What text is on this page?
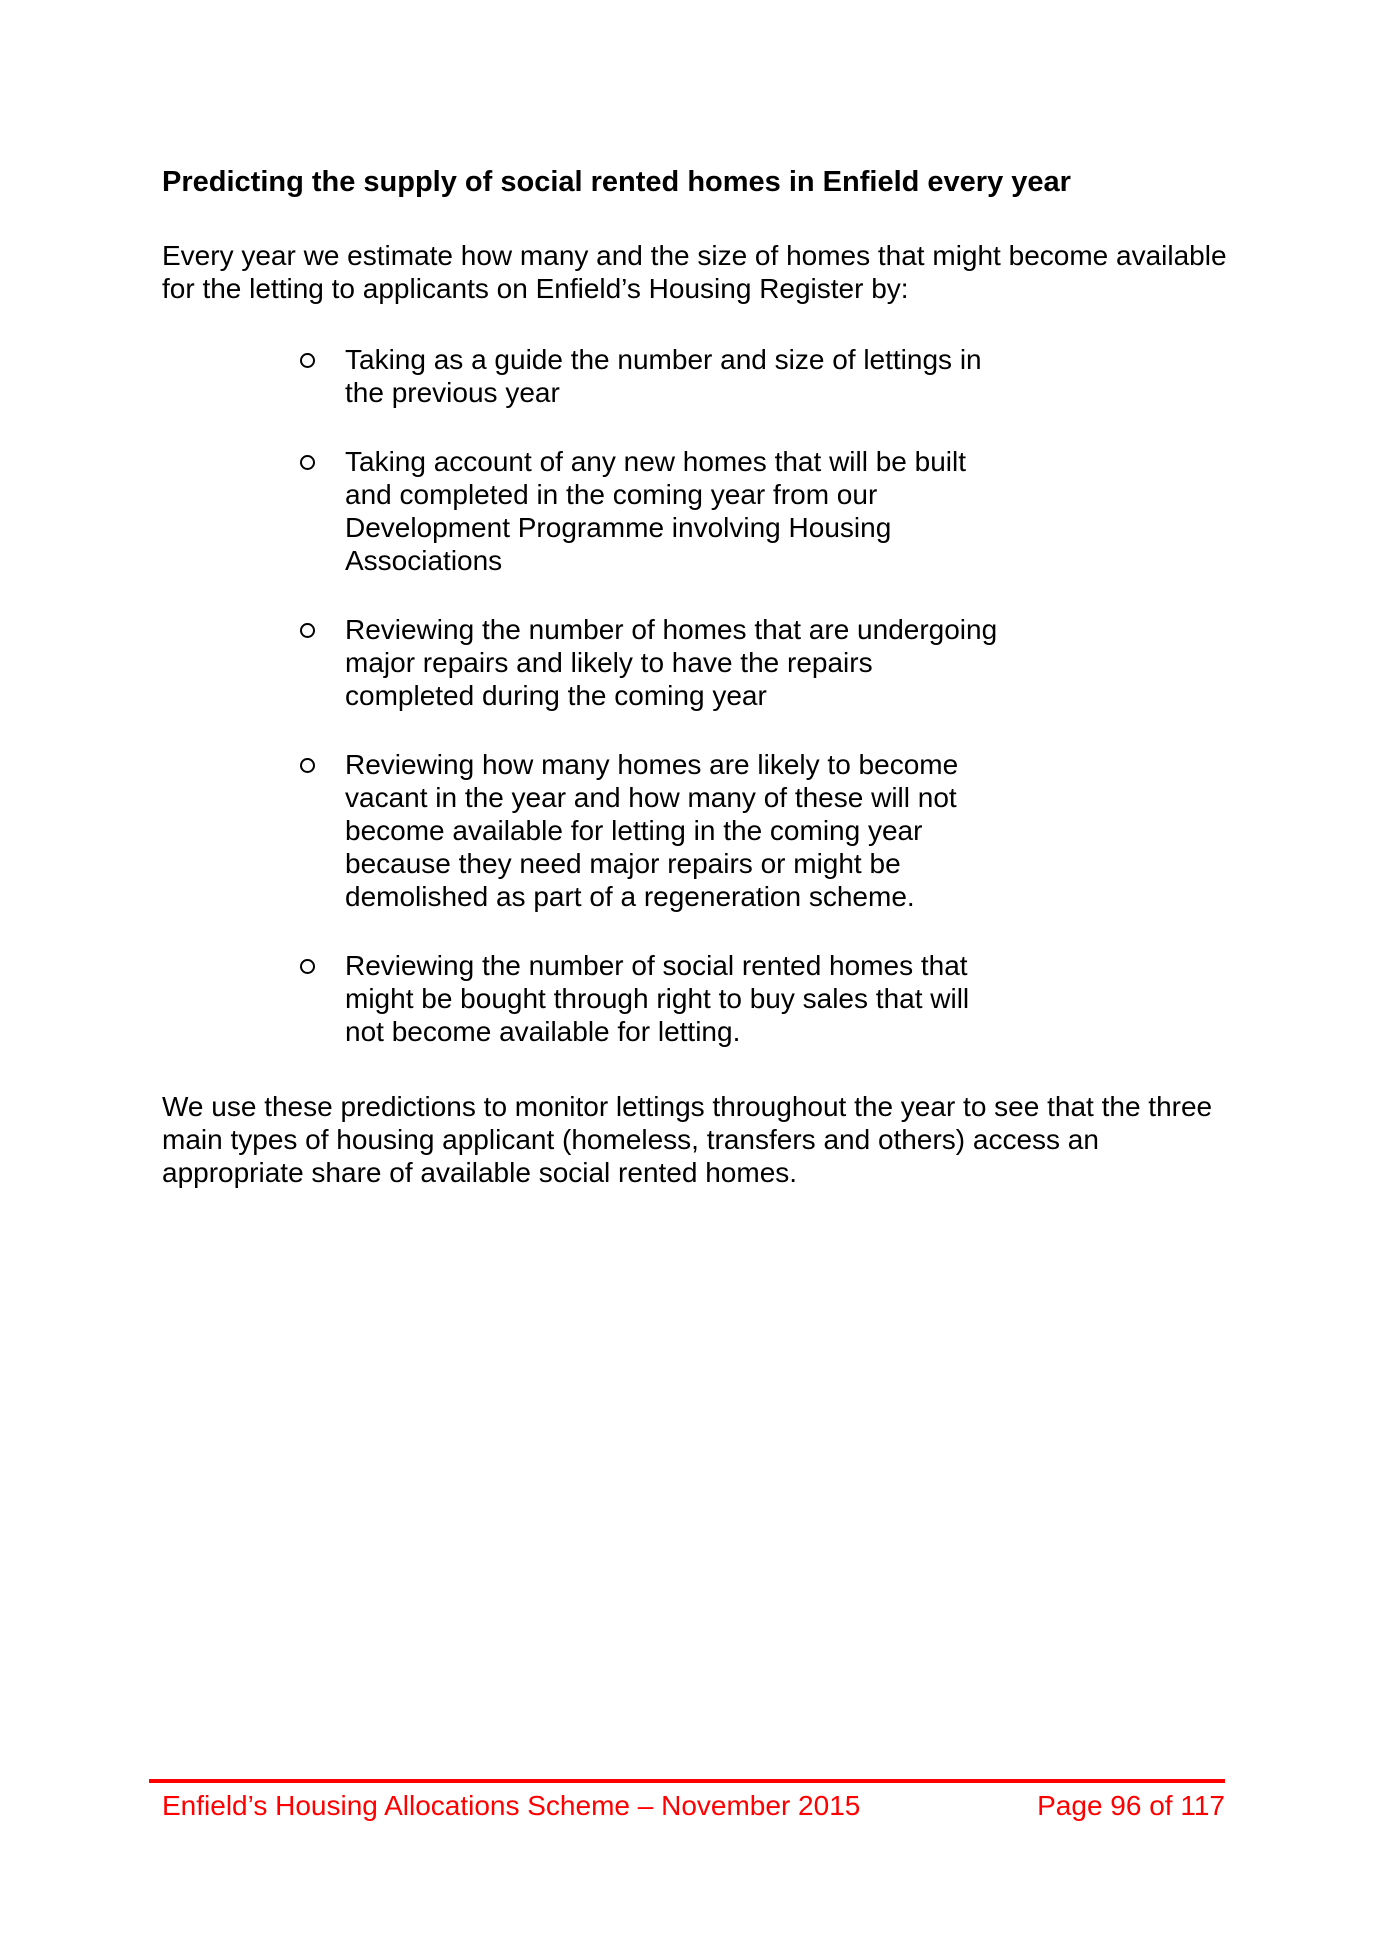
Predicting the supply of social rented homes in Enfield every year

Every year we estimate how many and the size of homes that might become available for the letting to applicants on Enfield’s Housing Register by:

Taking as a guide the number and size of lettings in the previous year
Taking account of any new homes that will be built and completed in the coming year from our Development Programme involving Housing Associations
Reviewing the number of homes that are undergoing major repairs and likely to have the repairs completed during the coming year
Reviewing how many homes are likely to become vacant in the year and how many of these will not become available for letting in the coming year because they need major repairs or might be demolished as part of a regeneration scheme.
Reviewing the number of social rented homes that might be bought through right to buy sales that will not become available for letting.

We use these predictions to monitor lettings throughout the year to see that the three main types of housing applicant (homeless, transfers and others) access an appropriate share of available social rented homes.

Enfield’s Housing Allocations Scheme – November 2015	Page 96 of 117
